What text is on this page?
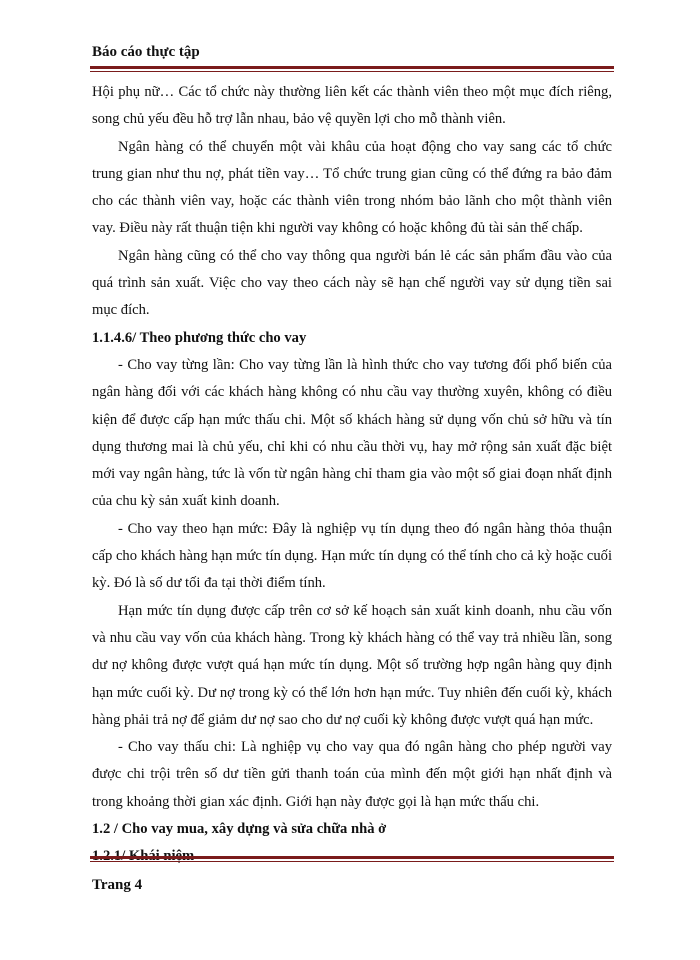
Báo cáo thực tập

Hội phụ nữ… Các tổ chức này thường liên kết các thành viên theo một mục đích riêng, song chủ yếu đều hỗ trợ lẫn nhau, bảo vệ quyền lợi cho mỗ thành viên.

Ngân hàng có thể chuyển một vài khâu của hoạt động cho vay sang các tổ chức trung gian như thu nợ, phát tiền vay… Tổ chức trung gian cũng có thể đứng ra bảo đảm cho các thành viên vay, hoặc các thành viên trong nhóm bảo lãnh cho một thành viên vay. Điều này rất thuận tiện khi người vay không có hoặc không đủ tài sản thế chấp.

Ngân hàng cũng có thể cho vay thông qua người bán lẻ các sản phẩm đầu vào của quá trình sản xuất. Việc cho vay theo cách này sẽ hạn chế người vay sử dụng tiền sai mục đích.

1.1.4.6/ Theo phương thức cho vay

- Cho vay từng lần: Cho vay từng lần là hình thức cho vay tương đối phổ biến của ngân hàng đối với các khách hàng không có nhu cầu vay thường xuyên, không có điều kiện để được cấp hạn mức thấu chi. Một số khách hàng sử dụng vốn chủ sở hữu và tín dụng thương mai là chủ yếu, chỉ khi có nhu cầu thời vụ, hay mở rộng sản xuất đặc biệt mới vay ngân hàng, tức là vốn từ ngân hàng chỉ tham gia vào một số giai đoạn nhất định của chu kỳ sản xuất kinh doanh.

- Cho vay theo hạn mức: Đây là nghiệp vụ tín dụng theo đó ngân hàng thỏa thuận cấp cho khách hàng hạn mức tín dụng. Hạn mức tín dụng có thể tính cho cả kỳ hoặc cuối kỳ. Đó là số dư tối đa tại thời điểm tính.

Hạn mức tín dụng được cấp trên cơ sở kế hoạch sản xuất kinh doanh, nhu cầu vốn và nhu cầu vay vốn của khách hàng. Trong kỳ khách hàng có thể vay trả nhiều lần, song dư nợ không được vượt quá hạn mức tín dụng. Một số trường hợp ngân hàng quy định hạn mức cuối kỳ. Dư nợ trong kỳ có thể lớn hơn hạn mức. Tuy nhiên đến cuối kỳ, khách hàng phải trả nợ để giảm dư nợ sao cho dư nợ cuối kỳ không được vượt quá hạn mức.

- Cho vay thấu chi: Là nghiệp vụ cho vay qua đó ngân hàng cho phép người vay được chi trội trên số dư tiền gửi thanh toán của mình đến một giới hạn nhất định và trong khoảng thời gian xác định. Giới hạn này được gọi là hạn mức thấu chi.

1.2 / Cho vay mua, xây dựng và sửa chữa nhà ở
Trang 4
